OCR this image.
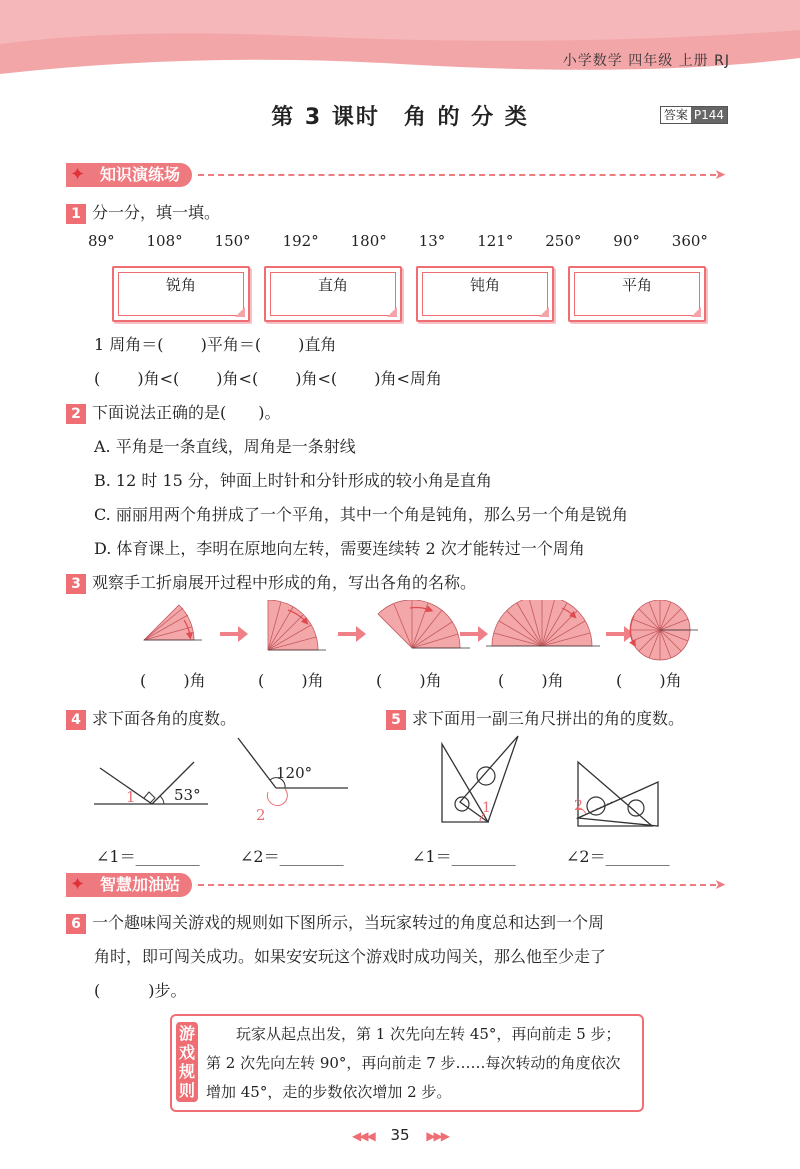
小学数学 四年级 上册 RJ
第 3 课时　角 的 分 类	答案 P144
✦ 知识演练场	➤
1 分一分，填一填。
89° 108° 150° 192° 180° 13° 121° 250° 90° 360°
锐角	直角	钝角	平角
1 周角＝(　　 )平角＝(　　 )直角
(　　 )角<(　　 )角<(　　 )角<(　　 )角<周角
2 下面说法正确的是(　　)。
A. 平角是一条直线，周角是一条射线
B. 12 时 15 分，钟面上时针和分针形成的较小角是直角
C. 丽丽用两个角拼成了一个平角，其中一个角是钝角，那么另一个角是锐角
D. 体育课上，李明在原地向左转，需要连续转 2 次才能转过一个周角
3 观察手工折扇展开过程中形成的角，写出各角的名称。
(　　 )角	(　　 )角	(　　 )角	(　　 )角	(　　 )角
4 求下面各角的度数。
1	53°
120°
2
∠1＝________	∠2＝________
5 求下面用一副三角尺拼出的角的度数。
1	2
∠1＝________	∠2＝________
✦ 智慧加油站	➤
6 一个趣味闯关游戏的规则如下图所示，当玩家转过的角度总和达到一个周
角时，即可闯关成功。如果安安玩这个游戏时成功闯关，那么他至少走了
(　　　)步。
游戏规则
玩家从起点出发，第 1 次先向左转 45°，再向前走 5 步；第 2 次先向左转 90°，再向前走 7 步……每次转动的角度依次增加 45°，走的步数依次增加 2 步。
◀◀◀ 35 ▶▶▶
